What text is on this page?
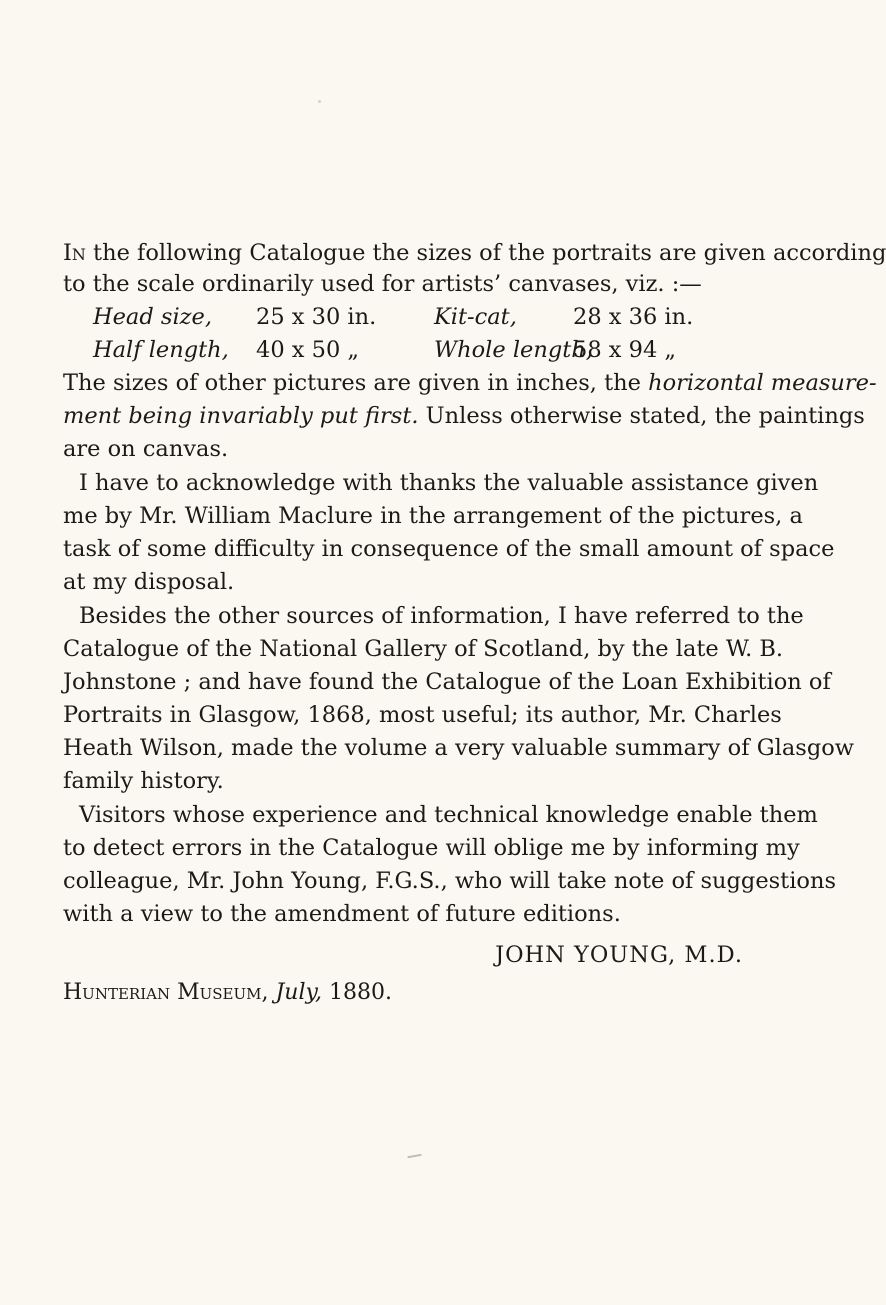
In the following Catalogue the sizes of the portraits are given according
to the scale ordinarily used for artists’ canvases, viz. :—
Head size, 25 x 30 in.	Kit-cat, 28 x 36 in.
Half length, 40 x 50 „	Whole length,
58 x 94 „
The sizes of other pictures are given in inches, the horizontal measure-
ment being invariably put first. Unless otherwise stated, the paintings
are on canvas.
I have to acknowledge with thanks the valuable assistance given
me by Mr. William Maclure in the arrangement of the pictures, a
task of some difficulty in consequence of the small amount of space
at my disposal.
Besides the other sources of information, I have referred to the
Catalogue of the National Gallery of Scotland, by the late W. B.
Johnstone ; and have found the Catalogue of the Loan Exhibition of
Portraits in Glasgow, 1868, most useful; its author, Mr. Charles
Heath Wilson, made the volume a very valuable summary of Glasgow
family history.
Visitors whose experience and technical knowledge enable them
to detect errors in the Catalogue will oblige me by informing my
colleague, Mr. John Young, F.G.S., who will take note of suggestions
with a view to the amendment of future editions.
JOHN YOUNG, M.D.
Hunterian Museum, July, 1880.
